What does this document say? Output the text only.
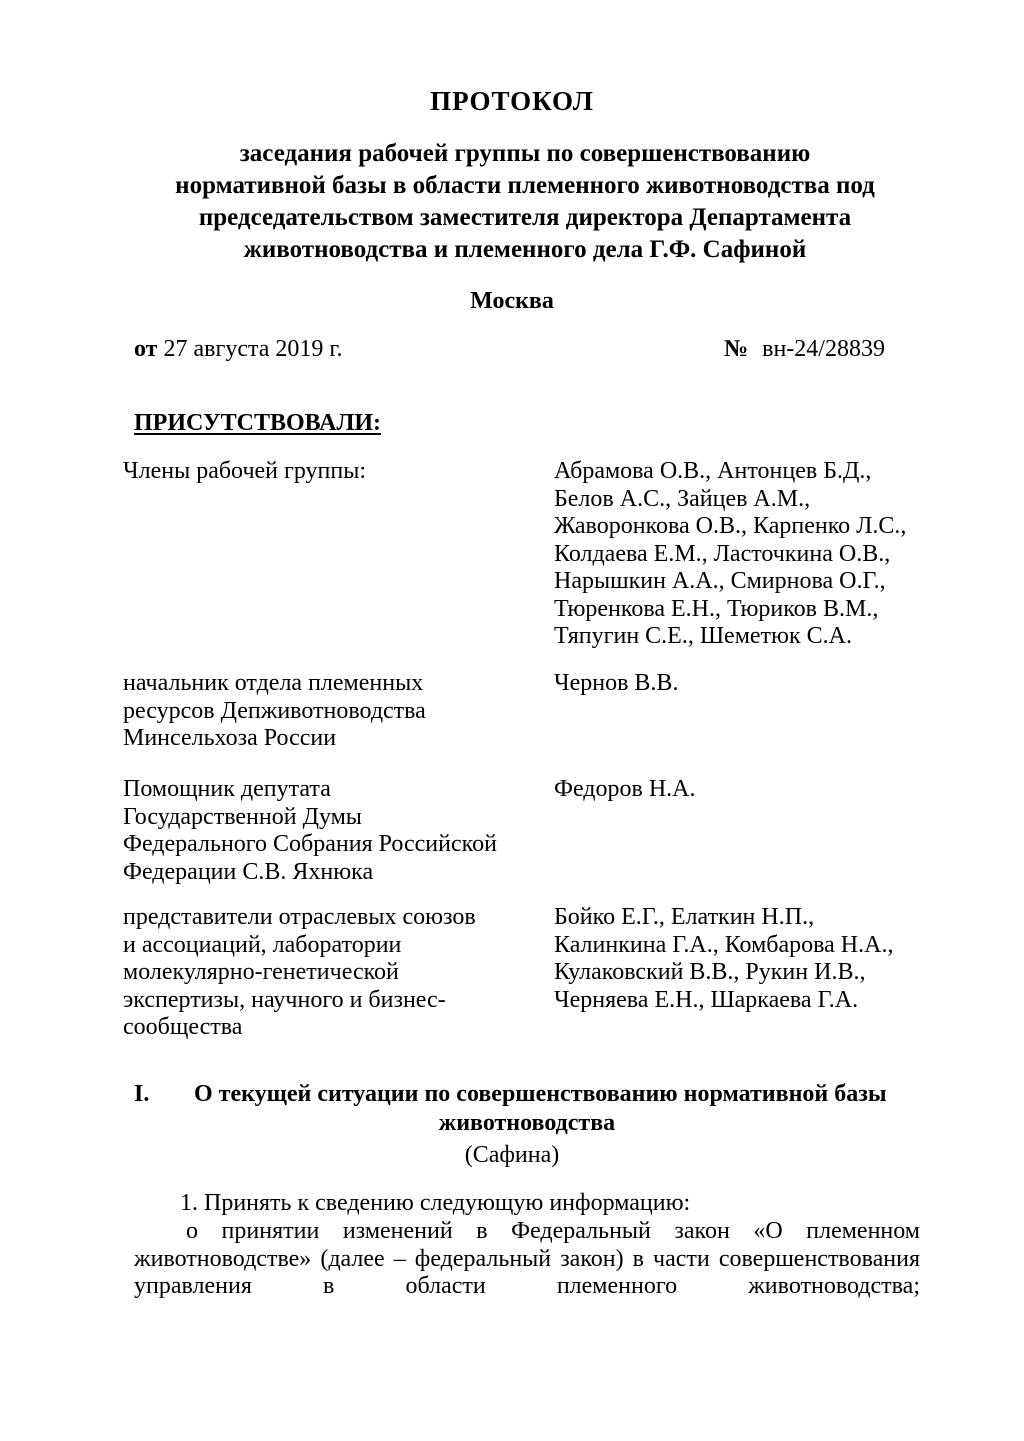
ПРОТОКОЛ
заседания рабочей группы по совершенствованию
нормативной базы в области племенного животноводства под
председательством заместителя директора Департамента
животноводства и племенного дела Г.Ф. Сафиной
Москва
от 27 августа 2019 г.	№ вн-24/28839
ПРИСУТСТВОВАЛИ:
Члены рабочей группы:	Абрамова О.В., Антонцев Б.Д.,
Белов А.С., Зайцев А.М.,
Жаворонкова О.В., Карпенко Л.С.,
Колдаева Е.М., Ласточкина О.В.,
Нарышкин А.А., Смирнова О.Г.,
Тюренкова Е.Н., Тюриков В.М.,
Тяпугин С.Е., Шеметюк С.А.
начальник отдела племенных
ресурсов Депживотноводства
Минсельхоза России
Чернов В.В.
Помощник депутата
Государственной Думы
Федерального Собрания Российской
Федерации С.В. Яхнюка
Федоров Н.А.
представители отраслевых союзов
и ассоциаций, лаборатории
молекулярно-генетической
экспертизы, научного и бизнес-
сообщества
Бойко Е.Г., Елаткин Н.П.,
Калинкина Г.А., Комбарова Н.А.,
Кулаковский В.В., Рукин И.В.,
Черняева Е.Н., Шаркаева Г.А.
I. О текущей ситуации по совершенствованию нормативной базы
животноводства
(Сафина)
1. Принять к сведению следующую информацию:
о принятии изменений в Федеральный закон «О племенном
животноводстве» (далее – федеральный закон) в части совершенствования
управления в области племенного животноводства;
